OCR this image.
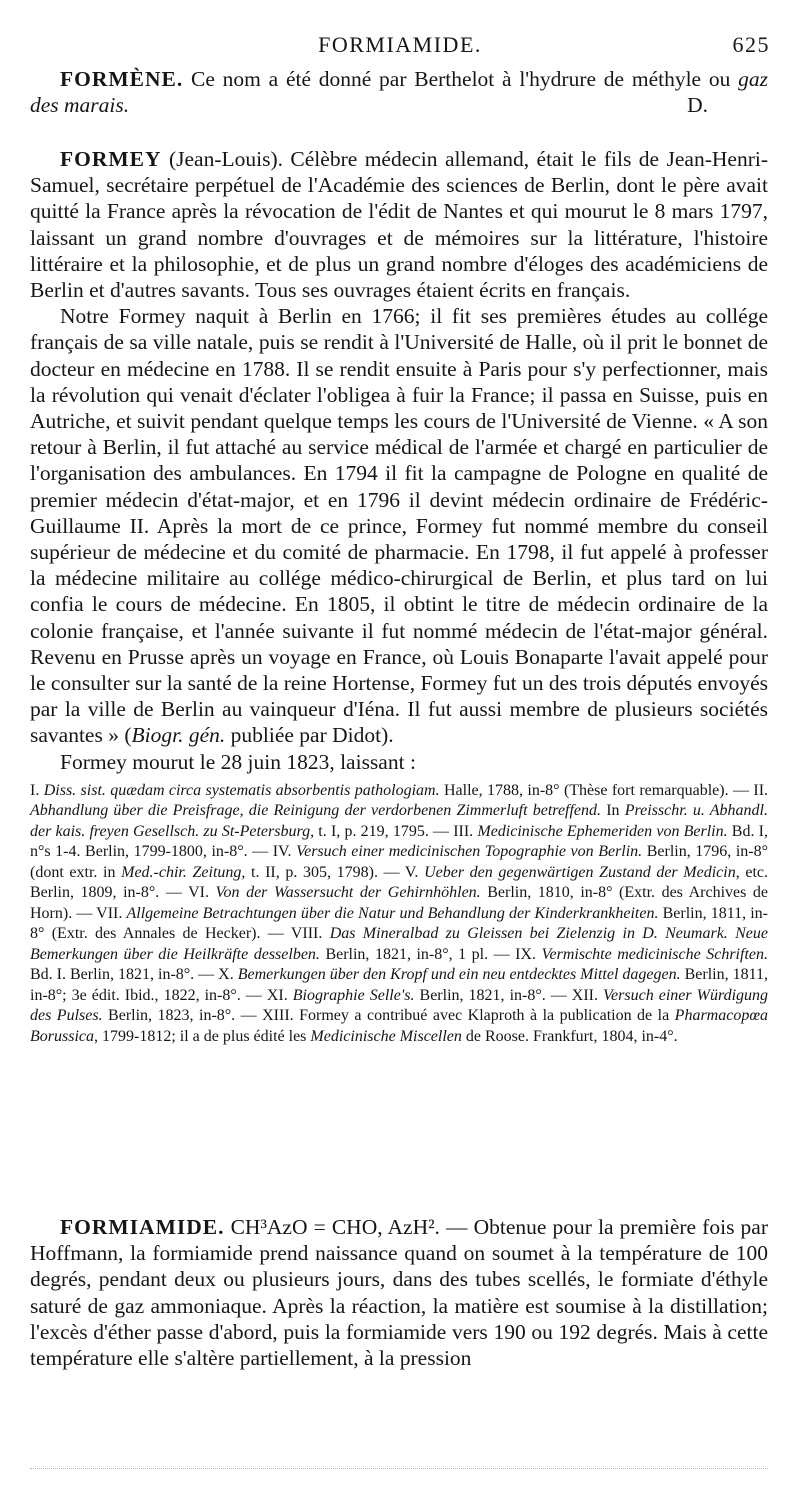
FORMIAMIDE.	625

FORMÈNE. Ce nom a été donné par Berthelot à l'hydrure de méthyle ou gaz des marais.	D.

FORMEY (Jean-Louis). Célèbre médecin allemand, était le fils de Jean-Henri-Samuel, secrétaire perpétuel de l'Académie des sciences de Berlin, dont le père avait quitté la France après la révocation de l'édit de Nantes et qui mourut le 8 mars 1797, laissant un grand nombre d'ouvrages et de mémoires sur la littérature, l'histoire littéraire et la philosophie, et de plus un grand nombre d'éloges des académiciens de Berlin et d'autres savants. Tous ses ouvrages étaient écrits en français.

Notre Formey naquit à Berlin en 1766; il fit ses premières études au collége français de sa ville natale, puis se rendit à l'Université de Halle, où il prit le bonnet de docteur en médecine en 1788. Il se rendit ensuite à Paris pour s'y perfectionner, mais la révolution qui venait d'éclater l'obligea à fuir la France; il passa en Suisse, puis en Autriche, et suivit pendant quelque temps les cours de l'Université de Vienne. « A son retour à Berlin, il fut attaché au service médical de l'armée et chargé en particulier de l'organisation des ambulances. En 1794 il fit la campagne de Pologne en qualité de premier médecin d'état-major, et en 1796 il devint médecin ordinaire de Frédéric-Guillaume II. Après la mort de ce prince, Formey fut nommé membre du conseil supérieur de médecine et du comité de pharmacie. En 1798, il fut appelé à professer la médecine militaire au collége médico-chirurgical de Berlin, et plus tard on lui confia le cours de médecine. En 1805, il obtint le titre de médecin ordinaire de la colonie française, et l'année suivante il fut nommé médecin de l'état-major général. Revenu en Prusse après un voyage en France, où Louis Bonaparte l'avait appelé pour le consulter sur la santé de la reine Hortense, Formey fut un des trois députés envoyés par la ville de Berlin au vainqueur d'Iéna. Il fut aussi membre de plusieurs sociétés savantes » (Biogr. gén. publiée par Didot).

Formey mourut le 28 juin 1823, laissant :

I. Diss. sist. quædam circa systematis absorbentis pathologiam. Halle, 1788, in-8° (Thèse fort remarquable). — II. Abhandlung über die Preisfrage, die Reinigung der verdorbenen Zimmerluft betreffend. In Preisschr. u. Abhandl. der kais. freyen Gesellsch. zu St-Petersburg, t. I, p. 219, 1795. — III. Medicinische Ephemeriden von Berlin. Bd. I, n°s 1-4. Berlin, 1799-1800, in-8°. — IV. Versuch einer medicinischen Topographie von Berlin. Berlin, 1796, in-8° (dont extr. in Med.-chir. Zeitung, t. II, p. 305, 1798). — V. Ueber den gegenwärtigen Zustand der Medicin, etc. Berlin, 1809, in-8°. — VI. Von der Wassersucht der Gehirnhöhlen. Berlin, 1810, in-8° (Extr. des Archives de Horn). — VII. Allgemeine Betrachtungen über die Natur und Behandlung der Kinderkrankheiten. Berlin, 1811, in-8° (Extr. des Annales de Hecker). — VIII. Das Mineralbad zu Gleissen bei Zielenzig in D. Neumark. Neue Bemerkungen über die Heilkräfte desselben. Berlin, 1821, in-8°, 1 pl. — IX. Vermischte medicinische Schriften. Bd. I. Berlin, 1821, in-8°. — X. Bemerkungen über den Kropf und ein neu entdecktes Mittel dagegen. Berlin, 1811, in-8°; 3e édit. Ibid., 1822, in-8°. — XI. Biographie Selle's. Berlin, 1821, in-8°. — XII. Versuch einer Würdigung des Pulses. Berlin, 1823, in-8°. — XIII. Formey a contribué avec Klaproth à la publication de la Pharmacopœa Borussica, 1799-1812; il a de plus édité les Medicinische Miscellen de Roose. Frankfurt, 1804, in-4°.

FORMIAMIDE. CH³AzO = CHO, AzH². — Obtenue pour la première fois par Hoffmann, la formiamide prend naissance quand on soumet à la température de 100 degrés, pendant deux ou plusieurs jours, dans des tubes scellés, le formiate d'éthyle saturé de gaz ammoniaque. Après la réaction, la matière est soumise à la distillation; l'excès d'éther passe d'abord, puis la formiamide vers 190 ou 192 degrés. Mais à cette température elle s'altère partiellement, à la pression
